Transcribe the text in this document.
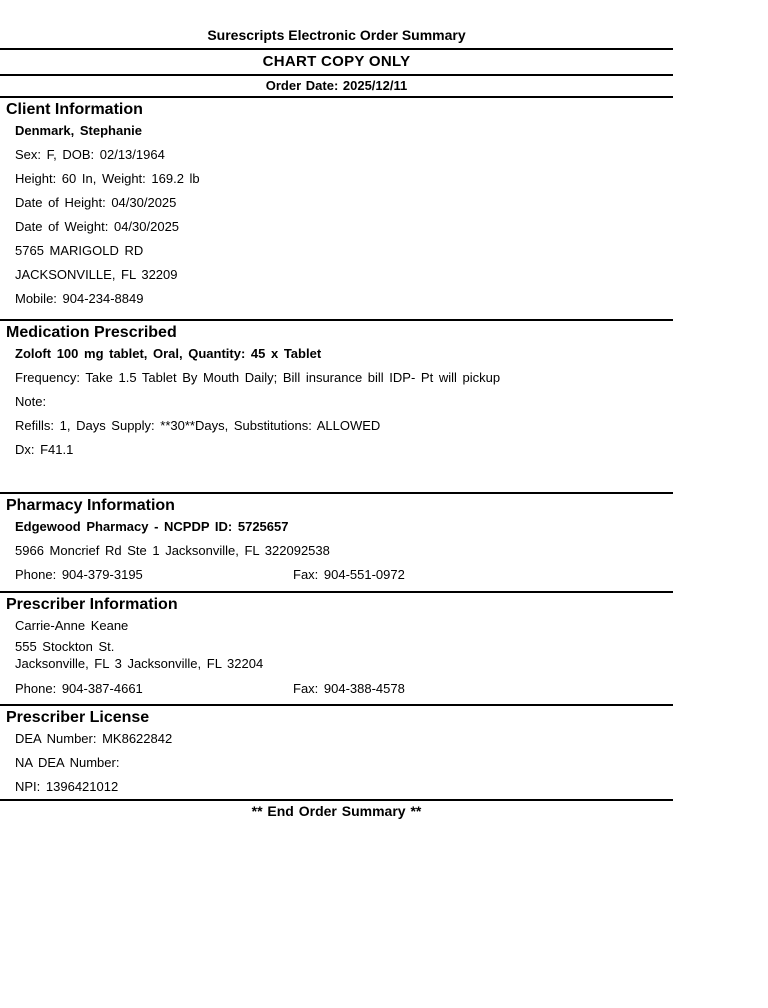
Surescripts Electronic Order Summary
CHART COPY ONLY
Order Date: 2025/12/11
Client Information
Denmark, Stephanie
Sex: F, DOB: 02/13/1964
Height: 60 In, Weight: 169.2 lb
Date of Height: 04/30/2025
Date of Weight: 04/30/2025
5765 MARIGOLD RD
JACKSONVILLE, FL 32209
Mobile: 904-234-8849
Medication Prescribed
Zoloft 100 mg tablet, Oral, Quantity: 45 x Tablet
Frequency: Take 1.5 Tablet By Mouth Daily; Bill insurance bill IDP- Pt will pickup
Note:
Refills: 1, Days Supply: **30**Days, Substitutions: ALLOWED
Dx: F41.1
Pharmacy Information
Edgewood Pharmacy - NCPDP ID: 5725657
5966 Moncrief Rd Ste 1 Jacksonville, FL 322092538
Phone: 904-379-3195	Fax: 904-551-0972
Prescriber Information
Carrie-Anne Keane
555 Stockton St.
Jacksonville, FL 3 Jacksonville, FL 32204
Phone: 904-387-4661	Fax: 904-388-4578
Prescriber License
DEA Number: MK8622842
NA DEA Number:
NPI: 1396421012
** End Order Summary **
